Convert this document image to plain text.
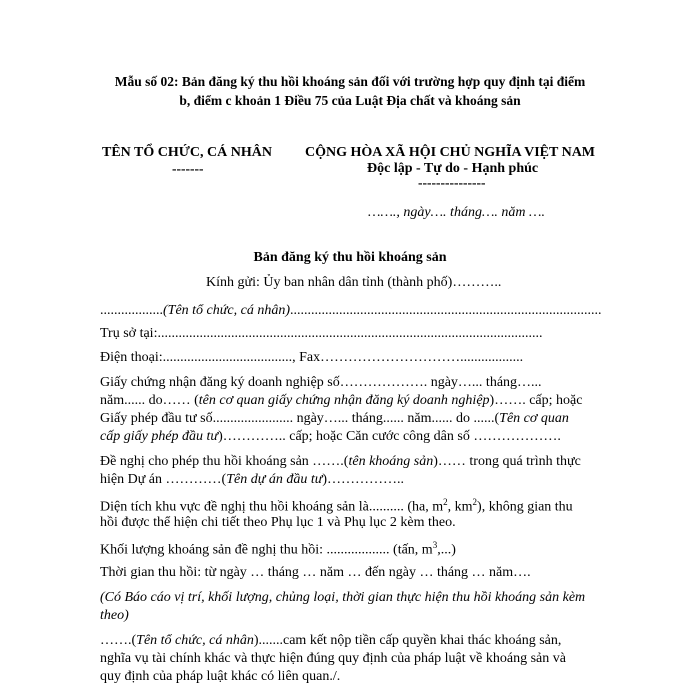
Mẫu số 02: Bản đăng ký thu hồi khoáng sản đối với trường hợp quy định tại điểm
b, điểm c khoản 1 Điều 75 của Luật Địa chất và khoáng sản
TÊN TỔ CHỨC, CÁ NHÂN
-------
CỘNG HÒA XÃ HỘI CHỦ NGHĨA VIỆT NAM
Độc lập - Tự do - Hạnh phúc
---------------
……., ngày…. tháng…. năm ….
Bản đăng ký thu hồi khoáng sản
Kính gửi: Ủy ban nhân dân tỉnh (thành phố)………..
..................(Tên tổ chức, cá nhân).........................................................................................
Trụ sở tại:..............................................................................................................
Điện thoại:....................................., Fax…………………………..................
Giấy chứng nhận đăng ký doanh nghiệp số………………. ngày…... tháng…...
năm...... do…… (tên cơ quan giấy chứng nhận đăng ký doanh nghiệp)……. cấp; hoặc
Giấy phép đầu tư số....................... ngày…... tháng...... năm...... do ......(Tên cơ quan
cấp giấy phép đầu tư)………….. cấp; hoặc Căn cước công dân số ……………….
Đề nghị cho phép thu hồi khoáng sản …….(tên khoáng sản)…… trong quá trình thực
hiện Dự án …………(Tên dự án đầu tư)……………..
Diện tích khu vực đề nghị thu hồi khoáng sản là.......... (ha, $m^2$, $km^2$), không gian thu
hồi được thể hiện chi tiết theo Phụ lục 1 và Phụ lục 2 kèm theo.
Khối lượng khoáng sản đề nghị thu hồi: .................. (tấn, $m^3$,...)
Thời gian thu hồi: từ ngày … tháng … năm … đến ngày … tháng … năm….
(Có Báo cáo vị trí, khối lượng, chủng loại, thời gian thực hiện thu hồi khoáng sản kèm
theo)
…….(Tên tổ chức, cá nhân).......cam kết nộp tiền cấp quyền khai thác khoáng sản,
nghĩa vụ tài chính khác và thực hiện đúng quy định của pháp luật về khoáng sản và
quy định của pháp luật khác có liên quan./.
